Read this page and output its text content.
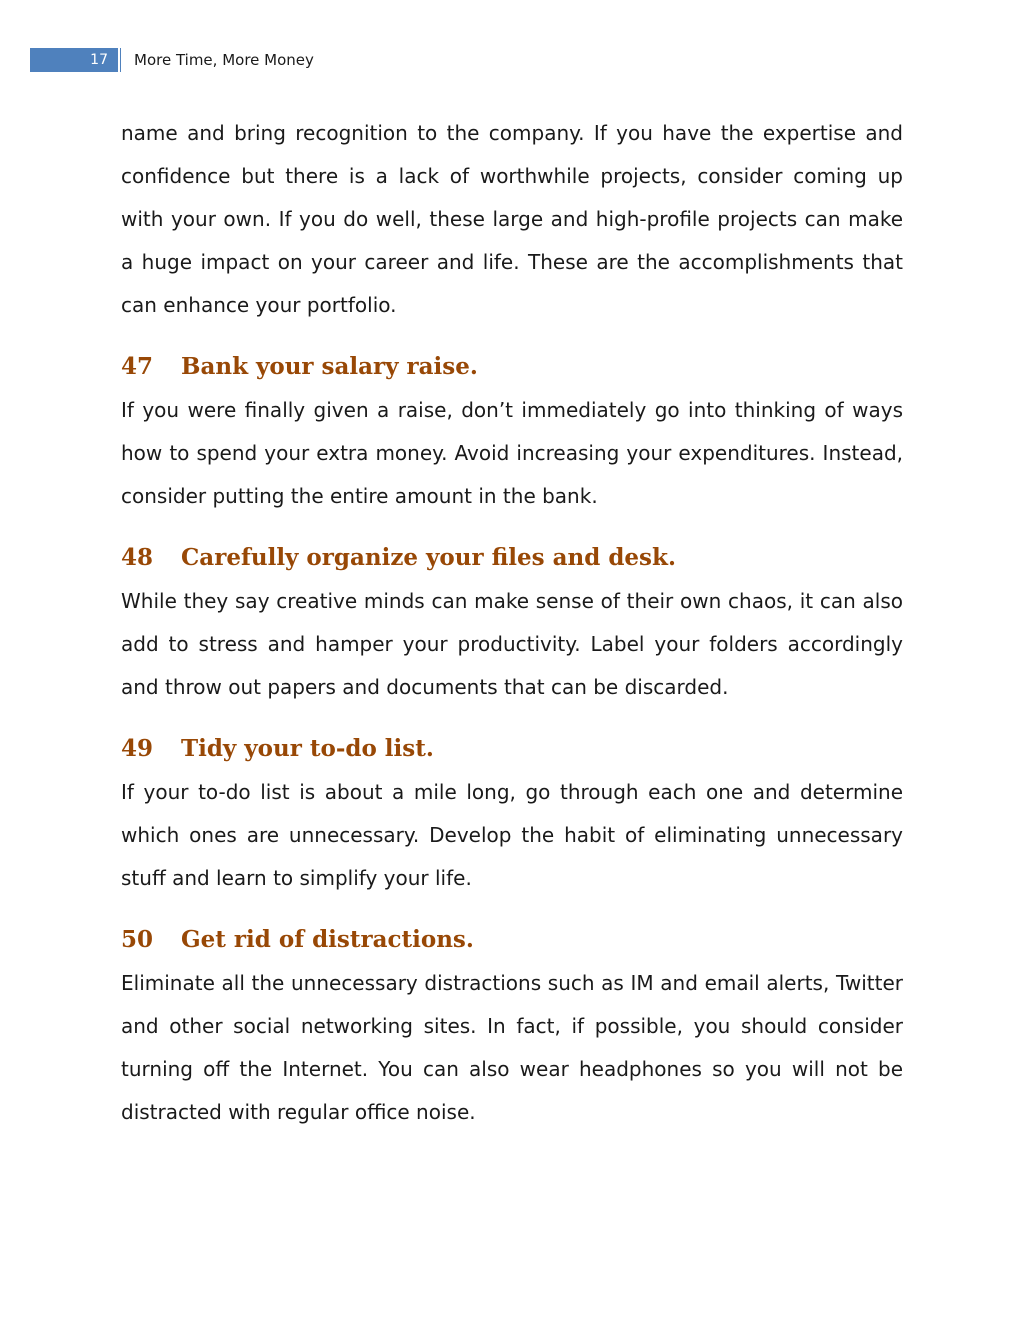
17	More Time, More Money

name and bring recognition to the company. If you have the expertise and confidence but there is a lack of worthwhile projects, consider coming up with your own. If you do well, these large and high-profile projects can make a huge impact on your career and life. These are the accomplishments that can enhance your portfolio.

47	Bank your salary raise.

If you were finally given a raise, don’t immediately go into thinking of ways how to spend your extra money. Avoid increasing your expenditures. Instead, consider putting the entire amount in the bank.

48	Carefully organize your files and desk.

While they say creative minds can make sense of their own chaos, it can also add to stress and hamper your productivity. Label your folders accordingly and throw out papers and documents that can be discarded.

49	Tidy your to-do list.

If your to-do list is about a mile long, go through each one and determine which ones are unnecessary. Develop the habit of eliminating unnecessary stuff and learn to simplify your life.

50	Get rid of distractions.

Eliminate all the unnecessary distractions such as IM and email alerts, Twitter and other social networking sites. In fact, if possible, you should consider turning off the Internet. You can also wear headphones so you will not be distracted with regular office noise.
